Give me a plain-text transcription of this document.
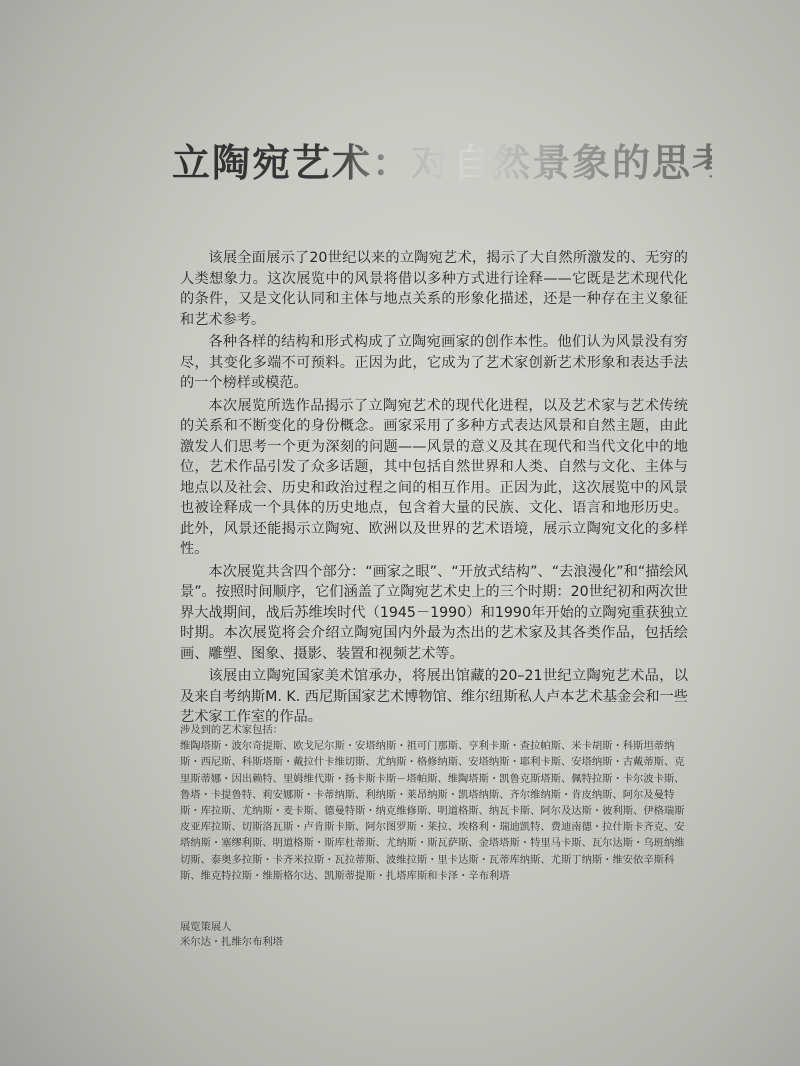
立陶宛艺术：对自然景象的思考

该展全面展示了20世纪以来的立陶宛艺术，揭示了大自然所激发的、无穷的人类想象力。这次展览中的风景将借以多种方式进行诠释——它既是艺术现代化的条件，又是文化认同和主体与地点关系的形象化描述，还是一种存在主义象征和艺术参考。

各种各样的结构和形式构成了立陶宛画家的创作本性。他们认为风景没有穷尽，其变化多端不可预料。正因为此，它成为了艺术家创新艺术形象和表达手法的一个榜样或模范。

本次展览所选作品揭示了立陶宛艺术的现代化进程，以及艺术家与艺术传统的关系和不断变化的身份概念。画家采用了多种方式表达风景和自然主题，由此激发人们思考一个更为深刻的问题——风景的意义及其在现代和当代文化中的地位，艺术作品引发了众多话题，其中包括自然世界和人类、自然与文化、主体与地点以及社会、历史和政治过程之间的相互作用。正因为此，这次展览中的风景也被诠释成一个具体的历史地点，包含着大量的民族、文化、语言和地形历史。此外，风景还能揭示立陶宛、欧洲以及世界的艺术语境，展示立陶宛文化的多样性。

本次展览共含四个部分：“画家之眼”、“开放式结构”、“去浪漫化”和“描绘风景”。按照时间顺序，它们涵盖了立陶宛艺术史上的三个时期：20世纪初和两次世界大战期间，战后苏维埃时代（1945－1990）和1990年开始的立陶宛重获独立时期。本次展览将会介绍立陶宛国内外最为杰出的艺术家及其各类作品，包括绘画、雕塑、图象、摄影、装置和视频艺术等。

该展由立陶宛国家美术馆承办，将展出馆藏的20–21世纪立陶宛艺术品，以及来自考纳斯M. K. 西尼斯国家艺术博物馆、维尔纽斯私人卢本艺术基金会和一些艺术家工作室的作品。

涉及到的艺术家包括：
维陶塔斯・波尔奇提斯、欧戈尼尔斯・安塔纳斯・祖可门那斯、亨利卡斯・查拉帕斯、米卡胡斯・科斯坦蒂纳斯・西尼斯、科斯塔斯・戴拉什卡维切斯、尤纳斯・格修纳斯、安塔纳斯・耶利卡斯、安塔纳斯・古戴蒂斯、克里斯蒂娜・因出赖特、里姆维代斯・扬卡斯卡斯－塔帕斯、维陶塔斯・凯鲁克斯塔斯、佩特拉斯・卡尔波卡斯、鲁塔・卡提鲁特、莉安娜斯・卡蒂纳斯、利纳斯・莱昂纳斯・凯塔纳斯、齐尔维纳斯・肯皮纳斯、阿尔及曼特斯・库拉斯、尤纳斯・麦卡斯、德曼特斯・纳克维修斯、明道格斯、纳瓦卡斯、阿尔及达斯・彼利斯、伊格瑞斯 皮亚库拉斯、切斯洛瓦斯・卢肯斯卡斯、阿尔图罗斯・莱拉、埃格利・瑞迪凯特、费迪南德・拉什斯卡齐克、安塔纳斯・塞缪利斯、明道格斯・斯库杜蒂斯、尤纳斯・斯瓦萨斯、金塔塔斯・特里马卡斯、瓦尔达斯・乌班纳维切斯、泰奥多拉斯・卡齐米拉斯・瓦拉蒂斯、波维拉斯・里卡达斯・瓦蒂库纳斯、尤斯丁纳斯・维安依辛斯科斯、维克特拉斯・维斯格尔达、凯斯蒂提斯・扎塔库斯和卡泽・辛布利塔
展览策展人
米尔达・扎维尔布利塔
